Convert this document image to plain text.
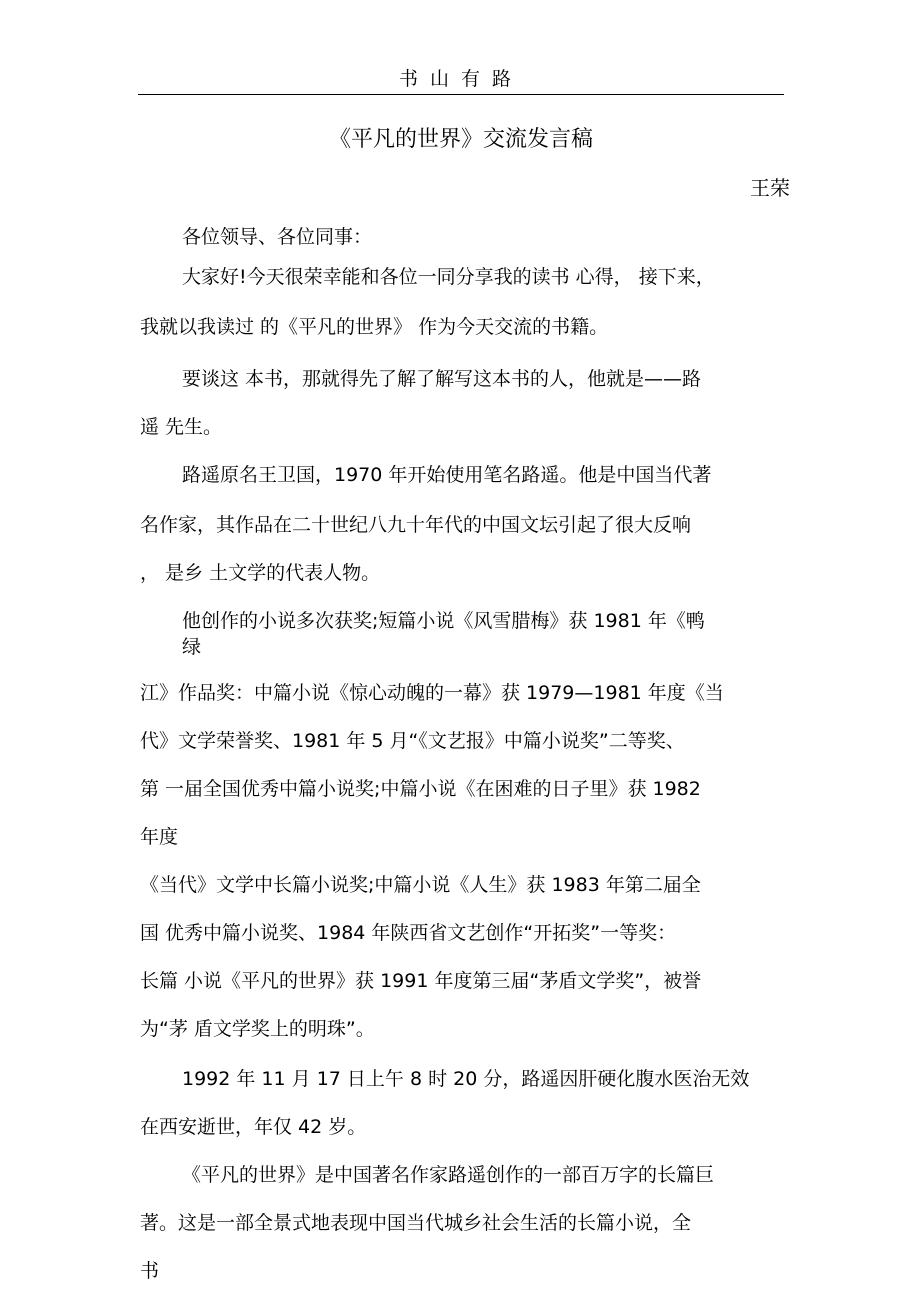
书山有路
《平凡的世界》交流发言稿
王荣
各位领导、各位同事：
大家好!今天很荣幸能和各位一同分享我的读书 心得， 接下来，
我就以我读过 的《平凡的世界》 作为今天交流的书籍。
要谈这 本书，那就得先了解了解写这本书的人，他就是——路
遥 先生。
路遥原名王卫国，1970 年开始使用笔名路遥。他是中国当代著
名作家，其作品在二十世纪八九十年代的中国文坛引起了很大反响
， 是乡 土文学的代表人物。
他创作的小说多次获奖;短篇小说《风雪腊梅》获 1981 年《鸭
绿
江》作品奖：中篇小说《惊心动魄的一幕》获 1979—1981 年度《当
代》文学荣誉奖、1981 年 5 月“《文艺报》中篇小说奖”二等奖、
第 一届全国优秀中篇小说奖;中篇小说《在困难的日子里》获 1982
年度
《当代》文学中长篇小说奖;中篇小说《人生》获 1983 年第二届全
国 优秀中篇小说奖、1984 年陕西省文艺创作“开拓奖”一等奖：
长篇 小说《平凡的世界》获 1991 年度第三届“茅盾文学奖”，被誉
为“茅 盾文学奖上的明珠”。
1992 年 11 月 17 日上午 8 时 20 分，路遥因肝硬化腹水医治无效
在西安逝世，年仅 42 岁。
《平凡的世界》是中国著名作家路遥创作的一部百万字的长篇巨
著。这是一部全景式地表现中国当代城乡社会生活的长篇小说，全
书
